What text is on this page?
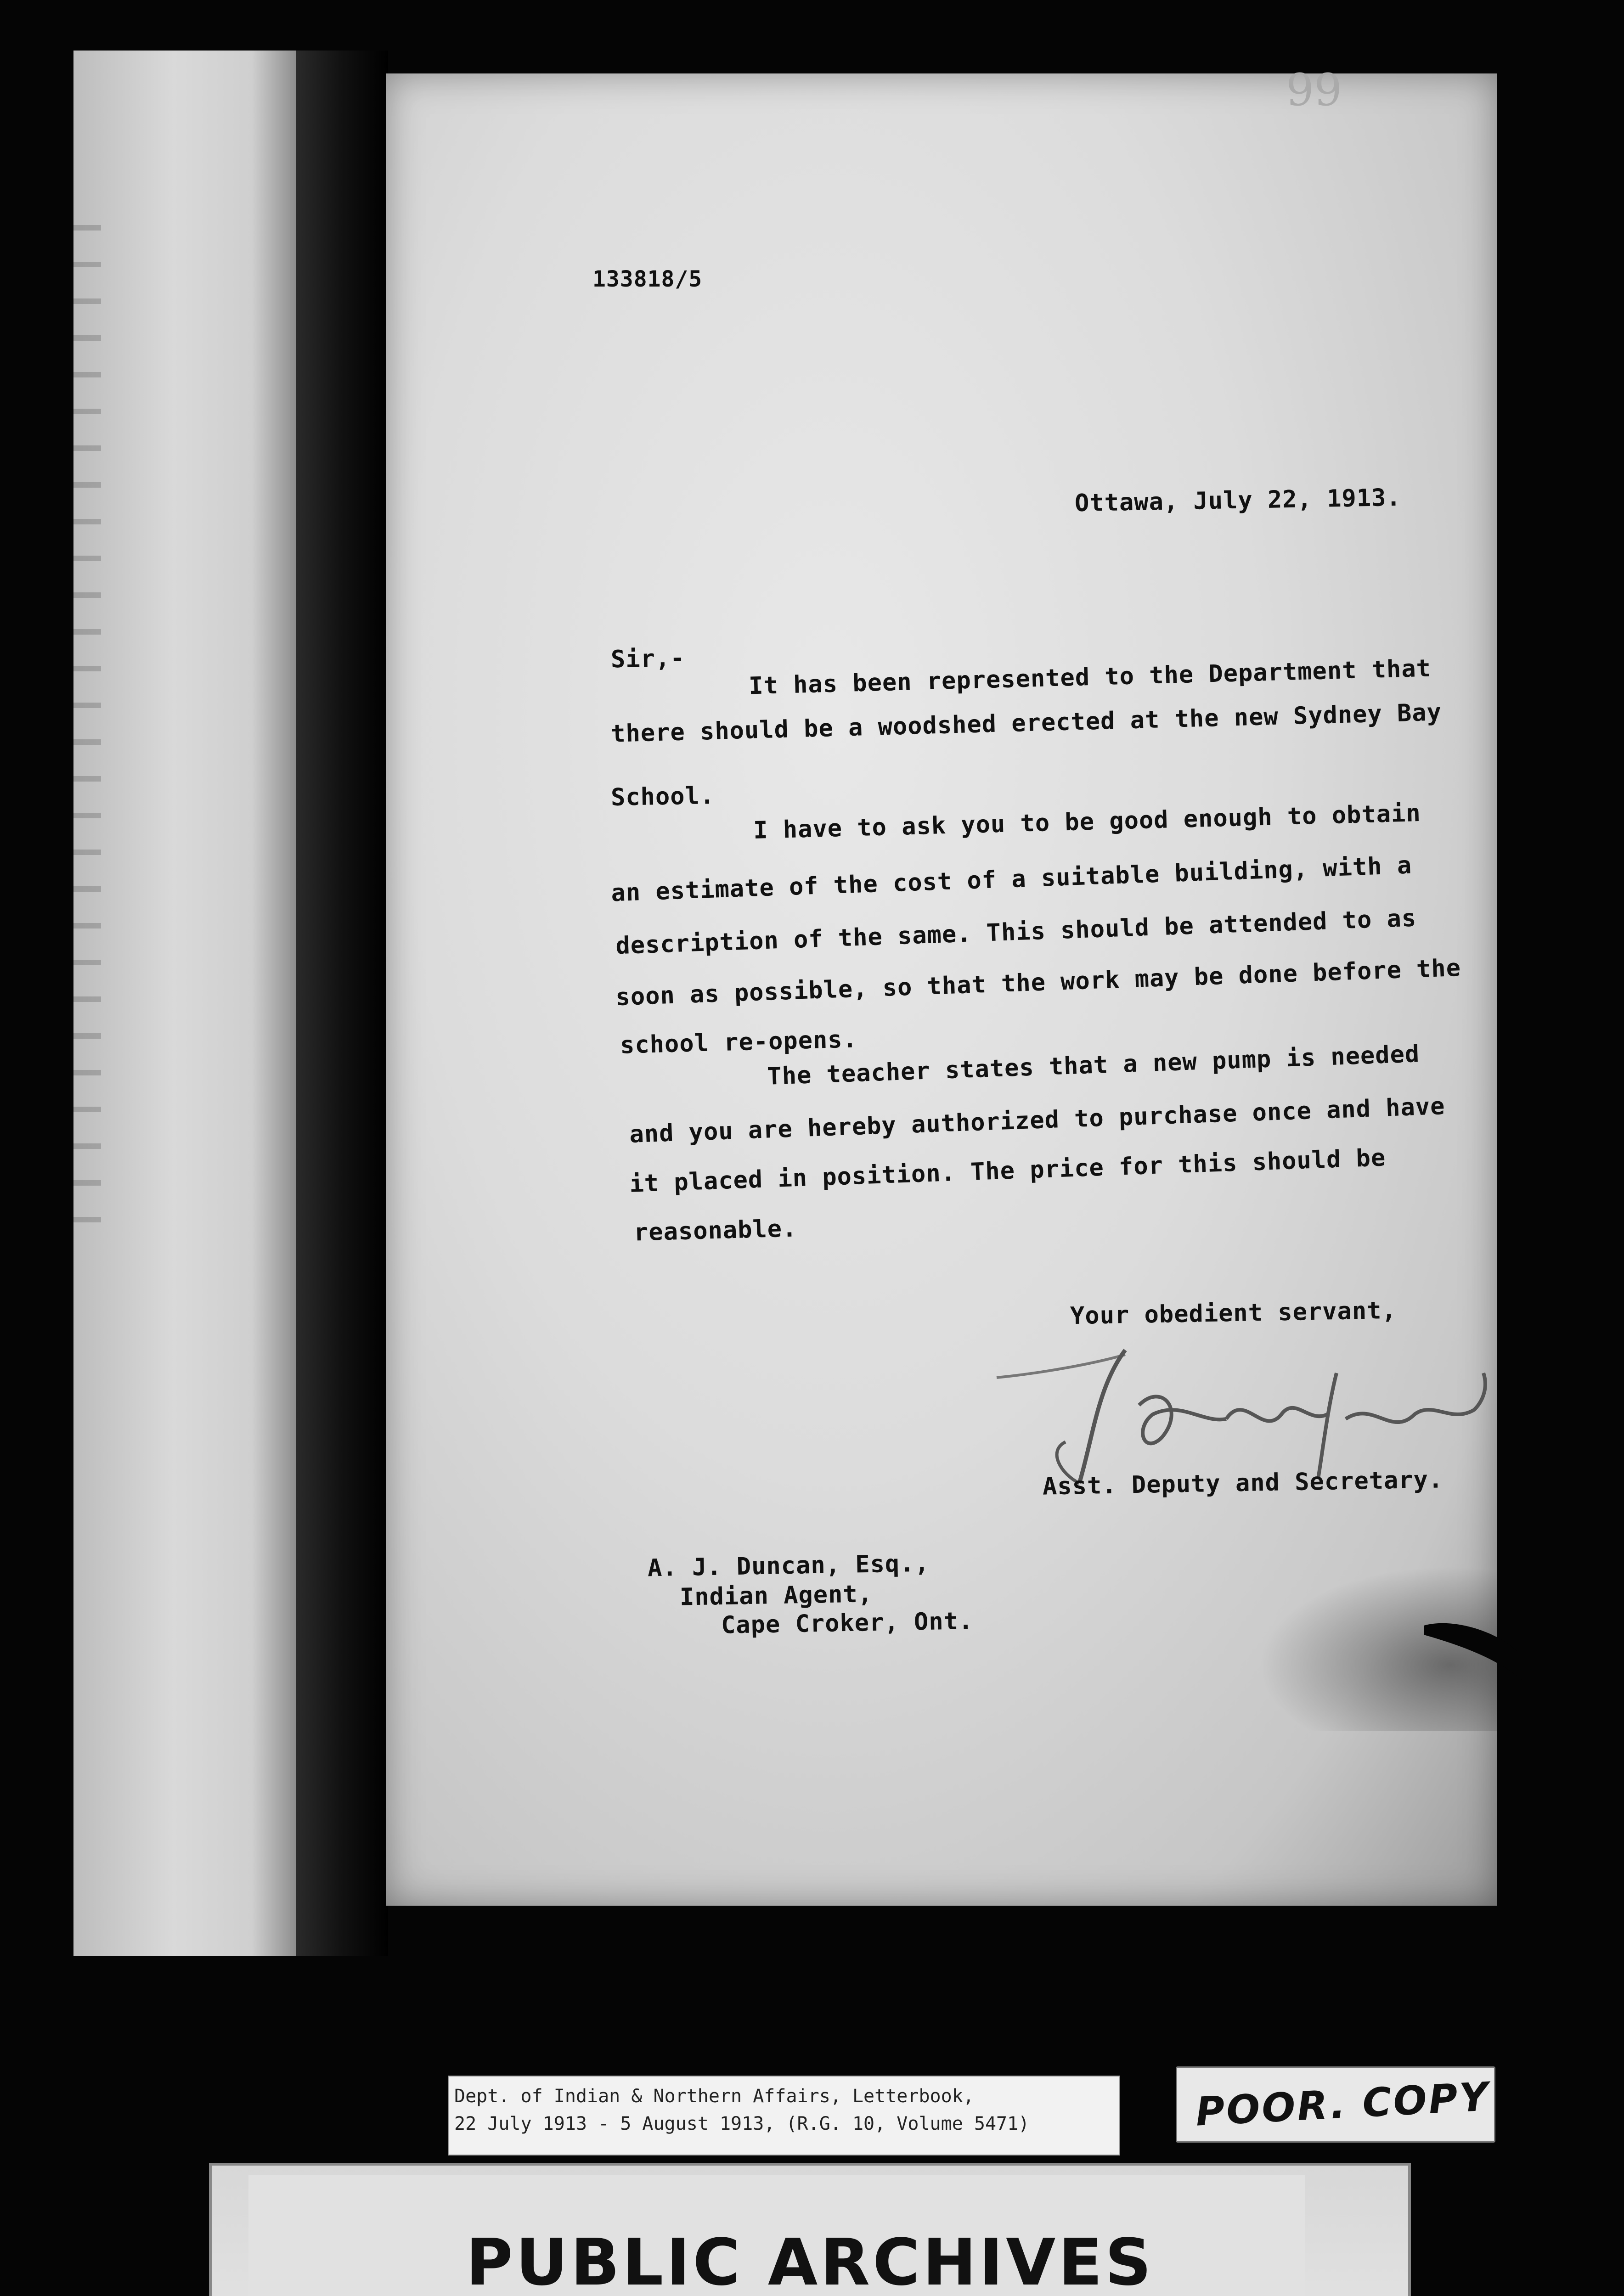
99
133818/5
Ottawa, July 22, 1913.
Sir,-	It has been represented to the Department that
there should be a woodshed erected at the new Sydney Bay
School.
I have to ask you to be good enough to obtain
an estimate of the cost of a suitable building, with a
description of the same. This should be attended to as
soon as possible, so that the work may be done before the
school re-opens.
The teacher states that a new pump is needed
and you are hereby authorized to purchase once and have
it placed in position. The price for this should be
reasonable.
Your obedient servant,
Asst. Deputy and Secretary.
A. J. Duncan, Esq.,
Indian Agent,
Cape Croker, Ont.
Dept. of Indian & Northern Affairs, Letterbook,
22 July 1913 - 5 August 1913, (R.G. 10, Volume 5471)	POOR. COPY
PUBLIC ARCHIVES
